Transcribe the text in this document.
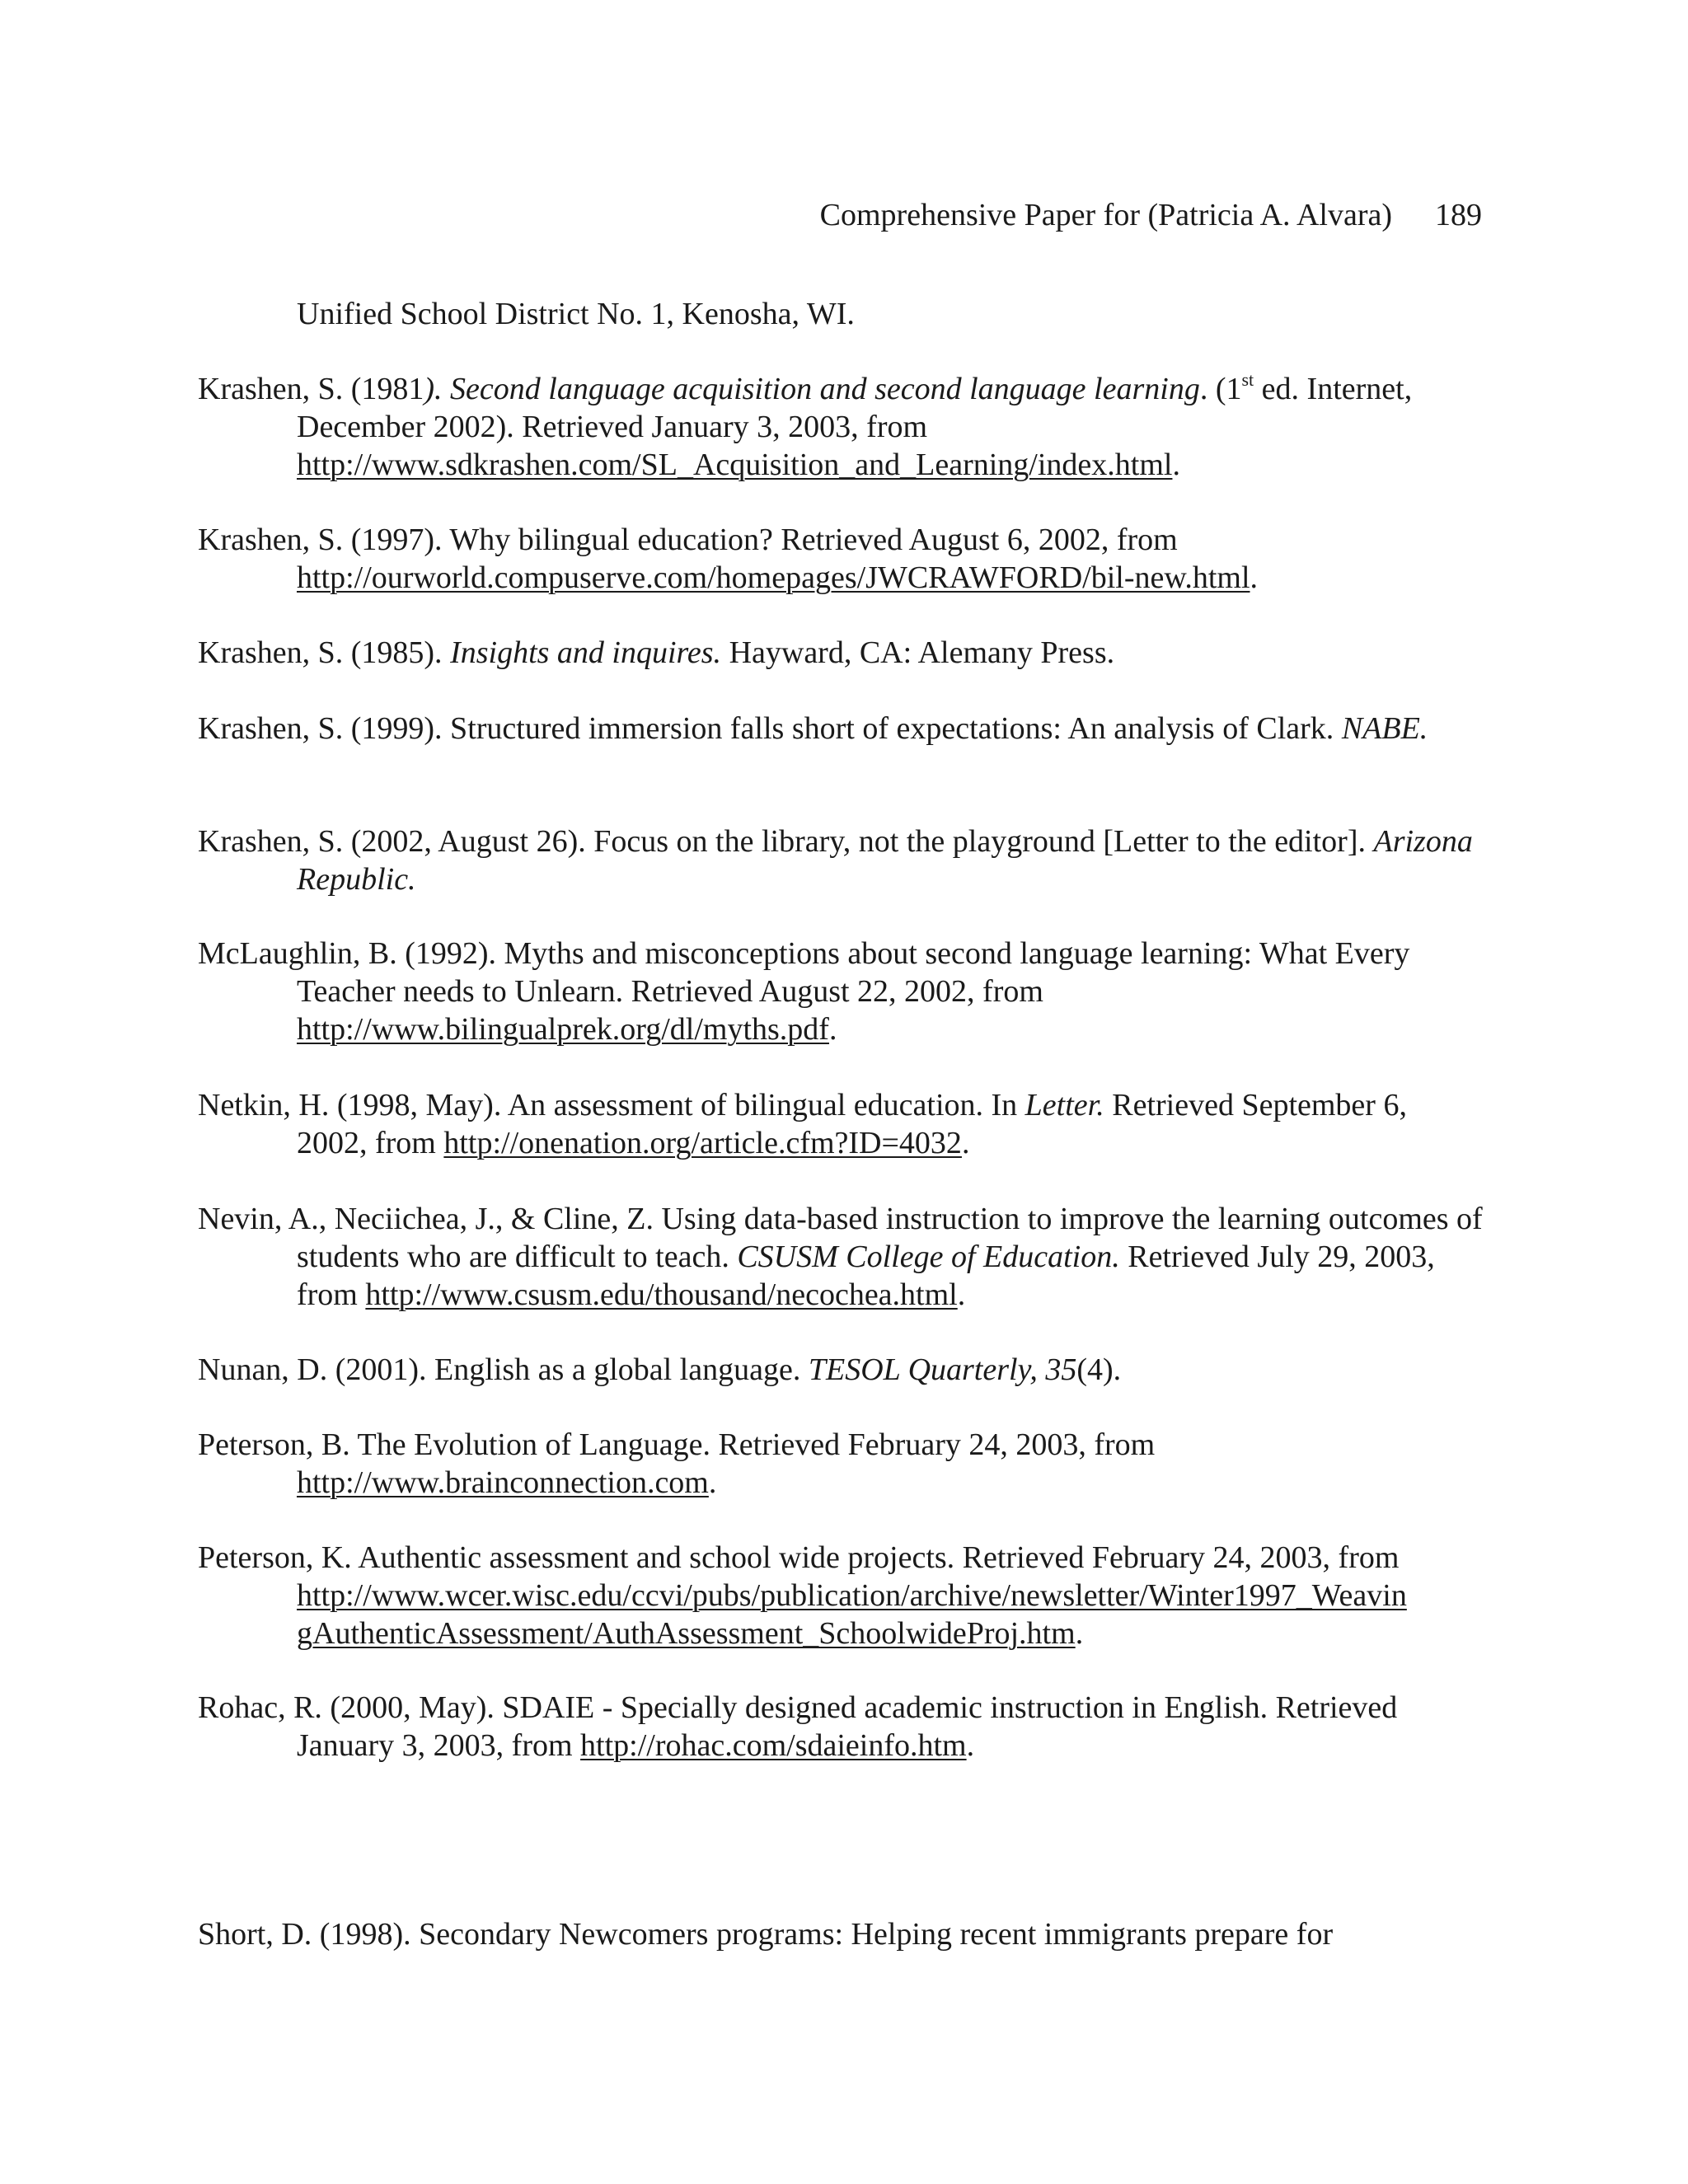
Comprehensive Paper for (Patricia A. Alvara) 189
Unified School District No. 1, Kenosha, WI.
Krashen, S. (1981). Second language acquisition and second language learning. (1st ed. Internet, December 2002). Retrieved January 3, 2003, from http://www.sdkrashen.com/SL_Acquisition_and_Learning/index.html.
Krashen, S. (1997). Why bilingual education? Retrieved August 6, 2002, from http://ourworld.compuserve.com/homepages/JWCRAWFORD/bil-new.html.
Krashen, S. (1985). Insights and inquires. Hayward, CA: Alemany Press.
Krashen, S. (1999). Structured immersion falls short of expectations: An analysis of Clark. NABE.
Krashen, S. (2002, August 26). Focus on the library, not the playground [Letter to the editor]. Arizona Republic.
McLaughlin, B. (1992). Myths and misconceptions about second language learning: What Every Teacher needs to Unlearn. Retrieved August 22, 2002, from http://www.bilingualprek.org/dl/myths.pdf.
Netkin, H. (1998, May). An assessment of bilingual education. In Letter. Retrieved September 6, 2002, from http://onenation.org/article.cfm?ID=4032.
Nevin, A., Neciichea, J., & Cline, Z. Using data-based instruction to improve the learning outcomes of students who are difficult to teach. CSUSM College of Education. Retrieved July 29, 2003, from http://www.csusm.edu/thousand/necochea.html.
Nunan, D. (2001). English as a global language. TESOL Quarterly, 35(4).
Peterson, B. The Evolution of Language. Retrieved February 24, 2003, from http://www.brainconnection.com.
Peterson, K. Authentic assessment and school wide projects. Retrieved February 24, 2003, from
http://www.wcer.wisc.edu/ccvi/pubs/publication/archive/newsletter/Winter1997_Weavin
gAuthenticAssessment/AuthAssessment_SchoolwideProj.htm.
Rohac, R. (2000, May). SDAIE - Specially designed academic instruction in English. Retrieved January 3, 2003, from http://rohac.com/sdaieinfo.htm.
Short, D. (1998). Secondary Newcomers programs: Helping recent immigrants prepare for
